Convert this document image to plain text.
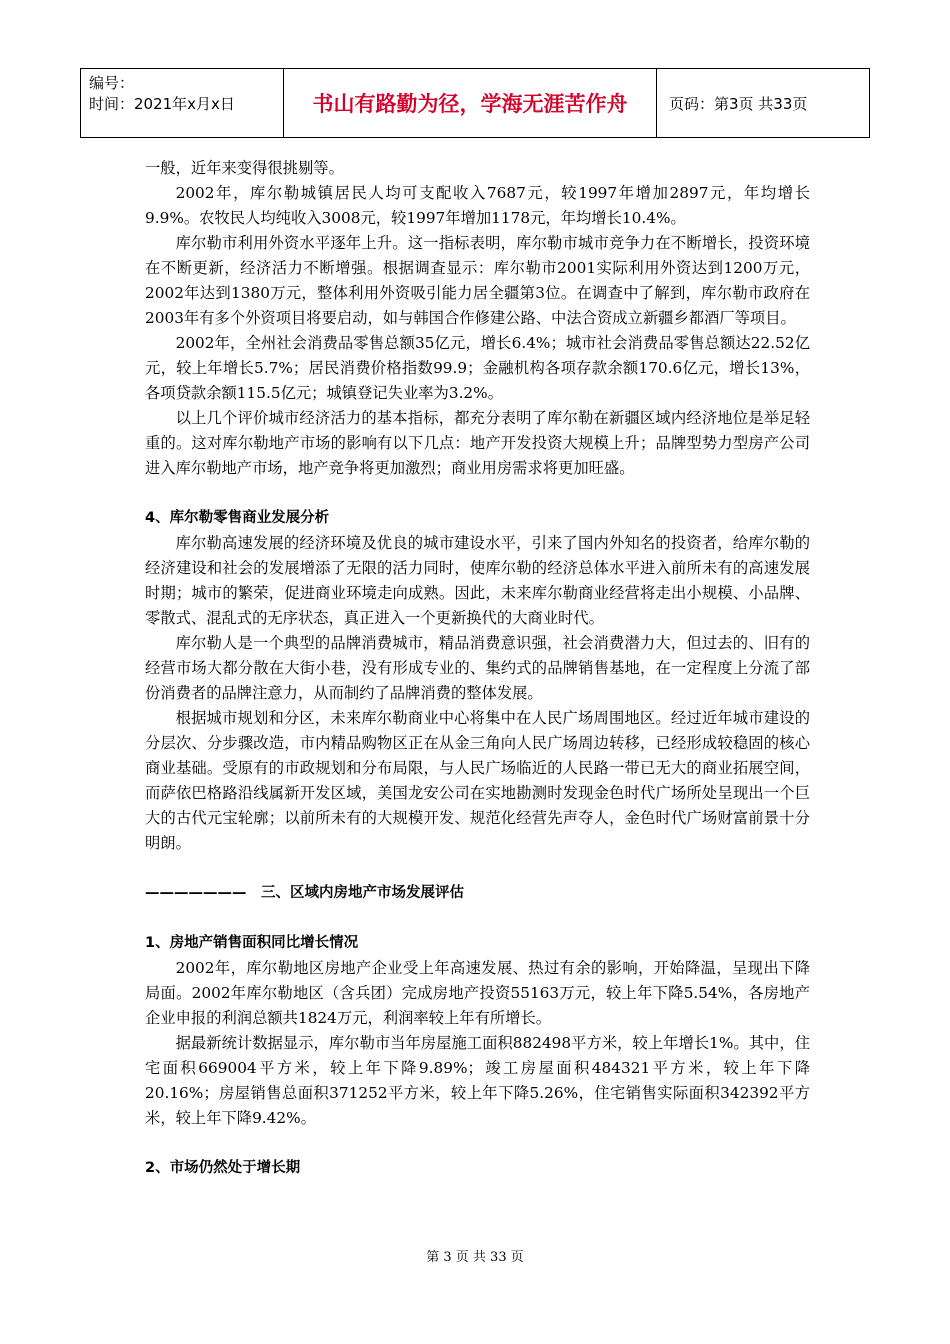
编号：
时间：2021年x月x日	书山有路勤为径，学海无涯苦作舟	页码：第3页 共33页

一般，近年来变得很挑剔等。

2002年，库尔勒城镇居民人均可支配收入7687元，较1997年增加2897元，年均增长9.9%。农牧民人均纯收入3008元，较1997年增加1178元，年均增长10.4%。

库尔勒市利用外资水平逐年上升。这一指标表明，库尔勒市城市竞争力在不断增长，投资环境在不断更新，经济活力不断增强。根据调查显示：库尔勒市2001实际利用外资达到1200万元，2002年达到1380万元，整体利用外资吸引能力居全疆第3位。在调查中了解到，库尔勒市政府在2003年有多个外资项目将要启动，如与韩国合作修建公路、中法合资成立新疆乡都酒厂等项目。

2002年，全州社会消费品零售总额35亿元，增长6.4%；城市社会消费品零售总额达22.52亿元，较上年增长5.7%；居民消费价格指数99.9；金融机构各项存款余额170.6亿元，增长13%，各项贷款余额115.5亿元；城镇登记失业率为3.2%。

以上几个评价城市经济活力的基本指标，都充分表明了库尔勒在新疆区域内经济地位是举足轻重的。这对库尔勒地产市场的影响有以下几点：地产开发投资大规模上升；品牌型势力型房产公司进入库尔勒地产市场，地产竞争将更加激烈；商业用房需求将更加旺盛。

4、库尔勒零售商业发展分析

库尔勒高速发展的经济环境及优良的城市建设水平，引来了国内外知名的投资者，给库尔勒的经济建设和社会的发展增添了无限的活力同时，使库尔勒的经济总体水平进入前所未有的高速发展时期；城市的繁荣，促进商业环境走向成熟。因此，未来库尔勒商业经营将走出小规模、小品牌、零散式、混乱式的无序状态，真正进入一个更新换代的大商业时代。

库尔勒人是一个典型的品牌消费城市，精品消费意识强，社会消费潜力大，但过去的、旧有的经营市场大都分散在大街小巷，没有形成专业的、集约式的品牌销售基地，在一定程度上分流了部份消费者的品牌注意力，从而制约了品牌消费的整体发展。

根据城市规划和分区，未来库尔勒商业中心将集中在人民广场周围地区。经过近年城市建设的分层次、分步骤改造，市内精品购物区正在从金三角向人民广场周边转移，已经形成较稳固的核心商业基础。受原有的市政规划和分布局限，与人民广场临近的人民路一带已无大的商业拓展空间，而萨依巴格路沿线属新开发区域，美国龙安公司在实地勘测时发现金色时代广场所处呈现出一个巨大的古代元宝轮廓；以前所未有的大规模开发、规范化经营先声夺人，金色时代广场财富前景十分明朗。

———————　三、区域内房地产市场发展评估
1、房地产销售面积同比增长情况

2002年，库尔勒地区房地产企业受上年高速发展、热过有余的影响，开始降温，呈现出下降局面。2002年库尔勒地区（含兵团）完成房地产投资55163万元，较上年下降5.54%，各房地产企业申报的利润总额共1824万元，利润率较上年有所增长。

据最新统计数据显示，库尔勒市当年房屋施工面积882498平方米，较上年增长1%。其中，住宅面积669004平方米，较上年下降9.89%；竣工房屋面积484321平方米，较上年下降20.16%；房屋销售总面积371252平方米，较上年下降5.26%，住宅销售实际面积342392平方米，较上年下降9.42%。

2、市场仍然处于增长期
第 3 页 共 33 页
